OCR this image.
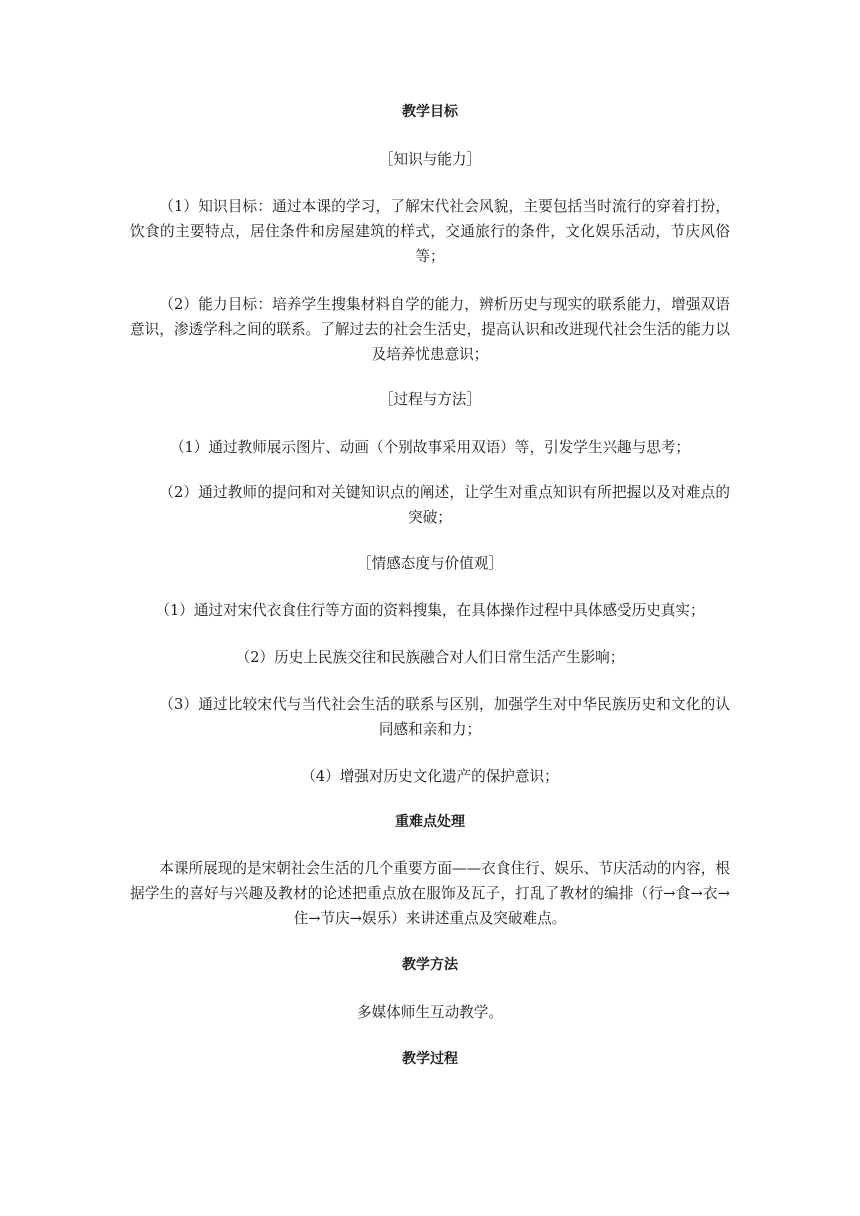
教学目标

［知识与能力］

（1）知识目标：通过本课的学习，了解宋代社会风貌，主要包括当时流行的穿着打扮，饮食的主要特点，居住条件和房屋建筑的样式，交通旅行的条件，文化娱乐活动，节庆风俗等；

（2）能力目标：培养学生搜集材料自学的能力，辨析历史与现实的联系能力，增强双语意识，渗透学科之间的联系。了解过去的社会生活史，提高认识和改进现代社会生活的能力以及培养忧患意识；

［过程与方法］

（1）通过教师展示图片、动画（个别故事采用双语）等，引发学生兴趣与思考；

（2）通过教师的提问和对关键知识点的阐述，让学生对重点知识有所把握以及对难点的突破；

［情感态度与价值观］

（1）通过对宋代衣食住行等方面的资料搜集，在具体操作过程中具体感受历史真实；

（2）历史上民族交往和民族融合对人们日常生活产生影响；

（3）通过比较宋代与当代社会生活的联系与区别，加强学生对中华民族历史和文化的认同感和亲和力；

（4）增强对历史文化遗产的保护意识；

重难点处理

本课所展现的是宋朝社会生活的几个重要方面——衣食住行、娱乐、节庆活动的内容，根据学生的喜好与兴趣及教材的论述把重点放在服饰及瓦子，打乱了教材的编排（行→食→衣→住→节庆→娱乐）来讲述重点及突破难点。

教学方法

多媒体师生互动教学。

教学过程
